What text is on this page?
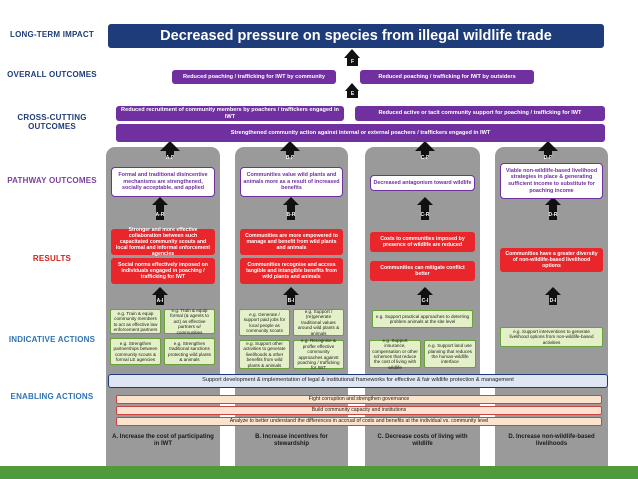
LONG-TERM IMPACT
OVERALL OUTCOMES
CROSS-CUTTING OUTCOMES
PATHWAY OUTCOMES
RESULTS
INDICATIVE ACTIONS
ENABLING ACTIONS
Decreased pressure on species from illegal wildlife trade
F
E
Reduced poaching / trafficking for IWT by community	Reduced poaching / trafficking for IWT by outsiders
Reduced recruitment of community members by poachers / traffickers engaged in IWT
Reduced active or tacit community support for poaching / trafficking for IWT
Strengthened community action against internal or external poachers / traffickers engaged in IWT
A-P	B-P	C-P	D-P
Formal and traditional disincentive mechanisms are strengthened, socially acceptable, and applied
Communities value wild plants and animals more as a result of increased benefits
Decreased antagonism toward wildlife
Viable non-wildlife-based livelihood strategies in place & generating sufficient income to substitute for poaching income
A-R	B-R	C-R	D-R
Stronger and more effective collaboration between such capacitated community scouts and local formal and informal enforcement agencies
Social norms effectively imposed on individuals engaged in poaching / trafficking for IWT
Communities are more empowered to manage and benefit from wild plants and animals
Communities recognise and access tangible and intangible benefits from wild plants and animals
Costs to communities imposed by presence of wildlife are reduced
Communities can mitigate conflict better
Communities have a greater diversity of non-wildlife-based livelihood options
A-I	B-I	C-I	D-I
e.g. Train & equip community members to act as effective law enforcement partners
e.g. Train & equip formal (& agents to act) as effective partners w/ communities
e.g. Strengthen partnerships between community scouts & formal LE agencies
e.g. Strengthen traditional sanctions protecting wild plants & animals
e.g. Generate / support paid jobs for local people as community scouts
e.g. Support / (re)generate traditional values around wild plants & animals
e.g. Support other activities to generate livelihoods & other benefits from wild plants & animals
e.g. Recognise & proffer effective community approaches against poaching / trafficking for IWT
e.g. Support practical approaches to deterring problem animals at the site level
e.g. Support insurance, compensation or other schemes that reduce the cost of living with wildlife
e.g. Support land use planning that reduces the human-wildlife interface
e.g. Support interventions to generate livelihood options from non-wildlife-based activities
Support development & implementation of legal & institutional frameworks for effective & fair wildlife protection & management
Fight corruption and strengthen governance
Build community capacity and institutions
Analyze to better understand the differences in accrual of costs and benefits at the individual vs. community level
A. Increase the cost of participating in IWT
B. Increase incentives for stewardship
C. Decrease costs of living with wildlife
D. Increase non-wildlife-based livelihoods
